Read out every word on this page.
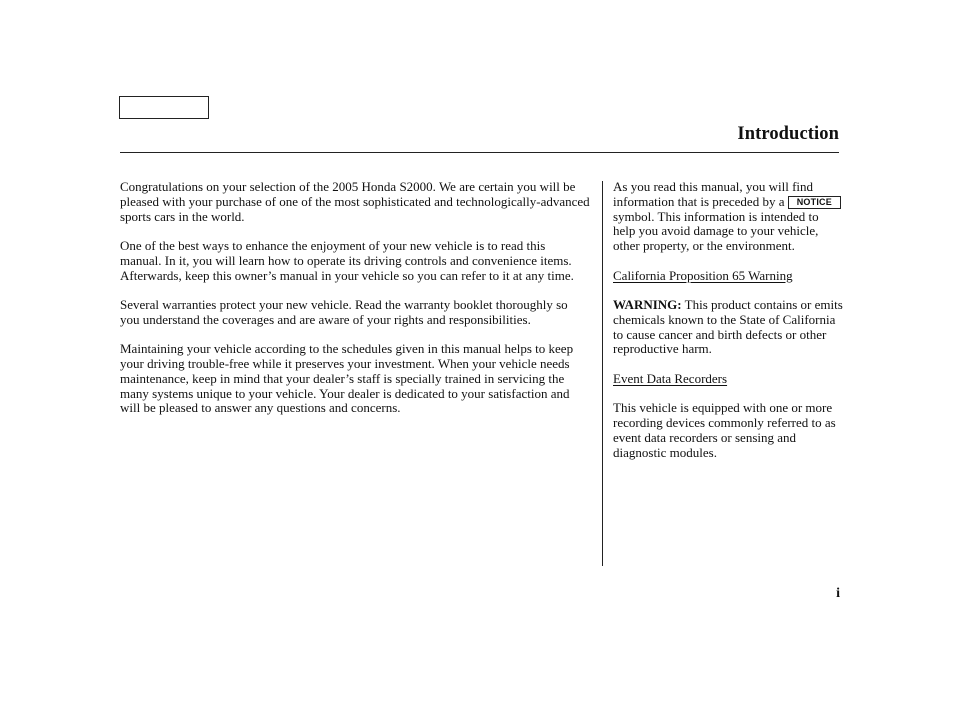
Introduction

Congratulations on your selection of the 2005 Honda S2000. We are certain you will be pleased with your purchase of one of the most sophisticated and technologically-advanced sports cars in the world.

One of the best ways to enhance the enjoyment of your new vehicle is to read this manual. In it, you will learn how to operate its driving controls and convenience items. Afterwards, keep this owner’s manual in your vehicle so you can refer to it at any time.

Several warranties protect your new vehicle. Read the warranty booklet thoroughly so you understand the coverages and are aware of your rights and responsibilities.

Maintaining your vehicle according to the schedules given in this manual helps to keep your driving trouble-free while it preserves your investment. When your vehicle needs maintenance, keep in mind that your dealer’s staff is specially trained in servicing the many systems unique to your vehicle. Your dealer is dedicated to your satisfaction and will be pleased to answer any questions and concerns.

As you read this manual, you will find information that is preceded by a NOTICE symbol. This information is intended to help you avoid damage to your vehicle, other property, or the environment.

California Proposition 65 Warning

WARNING: This product contains or emits chemicals known to the State of California to cause cancer and birth defects or other reproductive harm.

Event Data Recorders

This vehicle is equipped with one or more recording devices commonly referred to as event data recorders or sensing and diagnostic modules.

i
